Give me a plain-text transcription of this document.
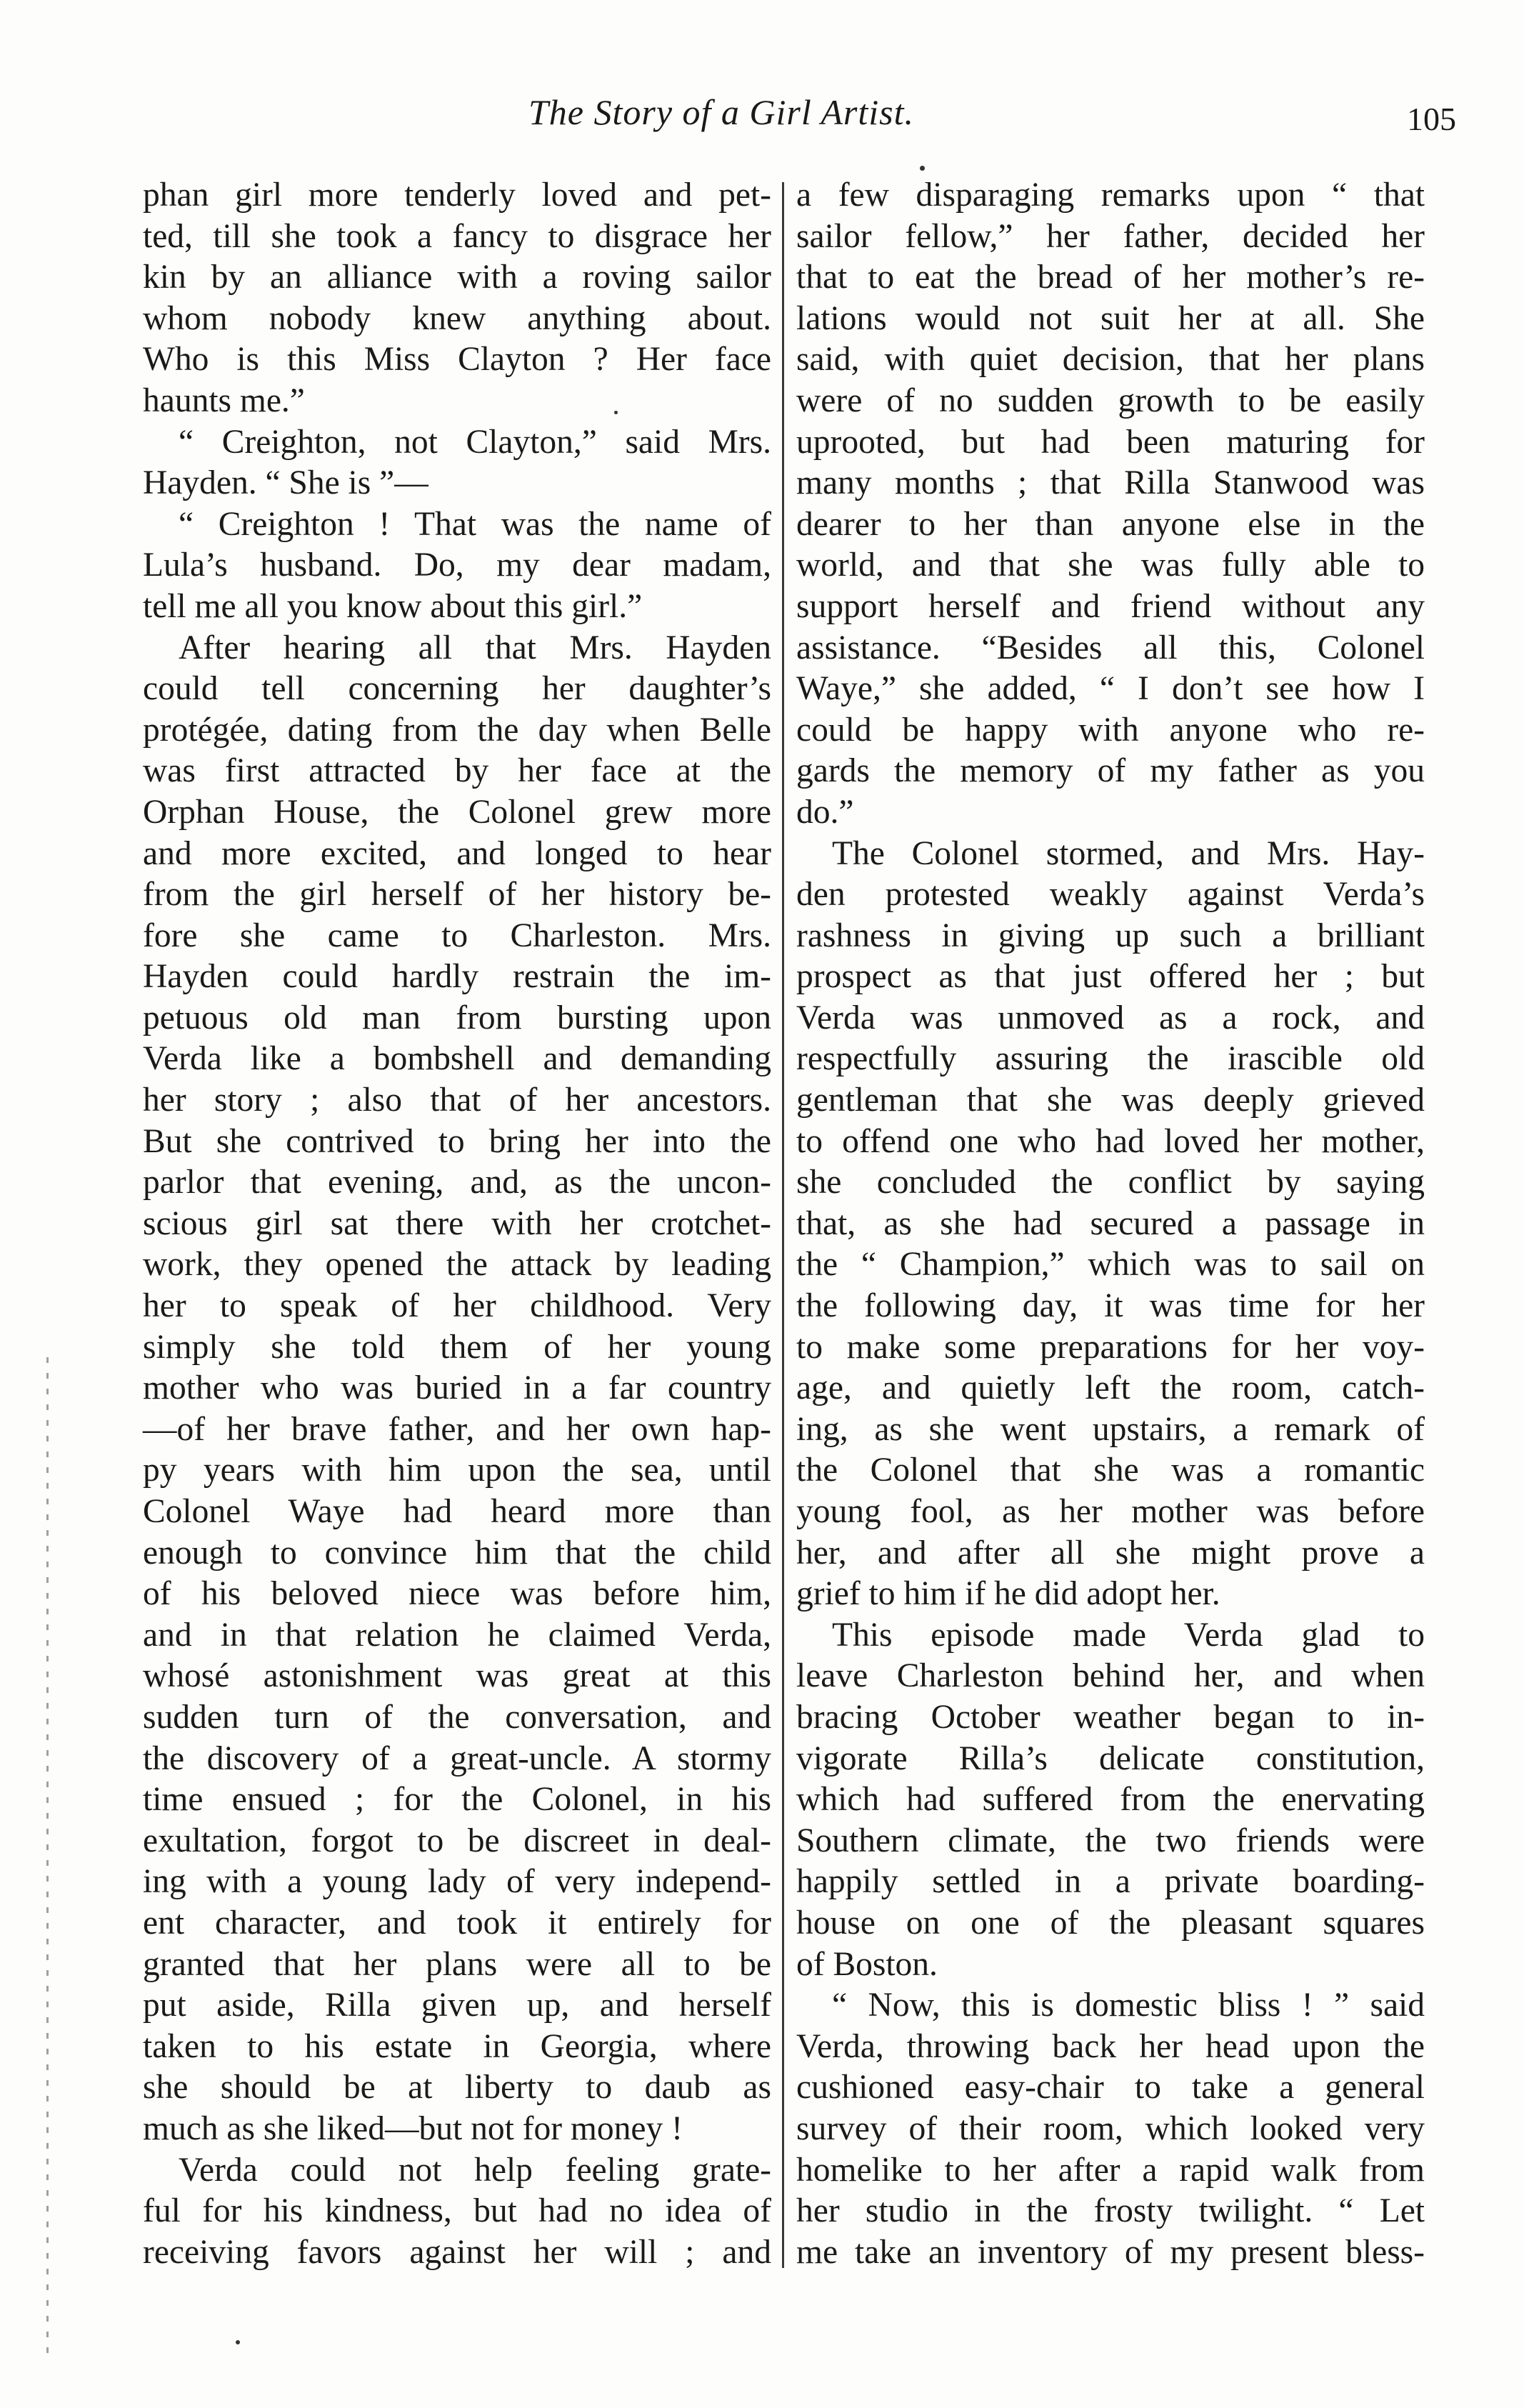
The Story of a Girl Artist.	105
phan girl more tenderly loved and pet-
ted, till she took a fancy to disgrace her
kin by an alliance with a roving sailor
whom nobody knew anything about.
Who is this Miss Clayton ? Her face
haunts me.”
“ Creighton, not Clayton,” said Mrs.
Hayden. “ She is ”—
“ Creighton ! That was the name of
Lula’s husband. Do, my dear madam,
tell me all you know about this girl.”
After hearing all that Mrs. Hayden
could tell concerning her daughter’s
protégée, dating from the day when Belle
was first attracted by her face at the
Orphan House, the Colonel grew more
and more excited, and longed to hear
from the girl herself of her history be-
fore she came to Charleston. Mrs.
Hayden could hardly restrain the im-
petuous old man from bursting upon
Verda like a bombshell and demanding
her story ; also that of her ancestors.
But she contrived to bring her into the
parlor that evening, and, as the uncon-
scious girl sat there with her crotchet-
work, they opened the attack by leading
her to speak of her childhood. Very
simply she told them of her young
mother who was buried in a far country
—of her brave father, and her own hap-
py years with him upon the sea, until
Colonel Waye had heard more than
enough to convince him that the child
of his beloved niece was before him,
and in that relation he claimed Verda,
whosé astonishment was great at this
sudden turn of the conversation, and
the discovery of a great-uncle. A stormy
time ensued ; for the Colonel, in his
exultation, forgot to be discreet in deal-
ing with a young lady of very independ-
ent character, and took it entirely for
granted that her plans were all to be
put aside, Rilla given up, and herself
taken to his estate in Georgia, where
she should be at liberty to daub as
much as she liked—but not for money !
Verda could not help feeling grate-
ful for his kindness, but had no idea of
receiving favors against her will ; and
a few disparaging remarks upon “ that
sailor fellow,” her father, decided her
that to eat the bread of her mother’s re-
lations would not suit her at all. She
said, with quiet decision, that her plans
were of no sudden growth to be easily
uprooted, but had been maturing for
many months ; that Rilla Stanwood was
dearer to her than anyone else in the
world, and that she was fully able to
support herself and friend without any
assistance. “Besides all this, Colonel
Waye,” she added, “ I don’t see how I
could be happy with anyone who re-
gards the memory of my father as you
do.”
The Colonel stormed, and Mrs. Hay-
den protested weakly against Verda’s
rashness in giving up such a brilliant
prospect as that just offered her ; but
Verda was unmoved as a rock, and
respectfully assuring the irascible old
gentleman that she was deeply grieved
to offend one who had loved her mother,
she concluded the conflict by saying
that, as she had secured a passage in
the “ Champion,” which was to sail on
the following day, it was time for her
to make some preparations for her voy-
age, and quietly left the room, catch-
ing, as she went upstairs, a remark of
the Colonel that she was a romantic
young fool, as her mother was before
her, and after all she might prove a
grief to him if he did adopt her.
This episode made Verda glad to
leave Charleston behind her, and when
bracing October weather began to in-
vigorate Rilla’s delicate constitution,
which had suffered from the enervating
Southern climate, the two friends were
happily settled in a private boarding-
house on one of the pleasant squares
of Boston.
“ Now, this is domestic bliss ! ” said
Verda, throwing back her head upon the
cushioned easy-chair to take a general
survey of their room, which looked very
homelike to her after a rapid walk from
her studio in the frosty twilight. “ Let
me take an inventory of my present bless-
